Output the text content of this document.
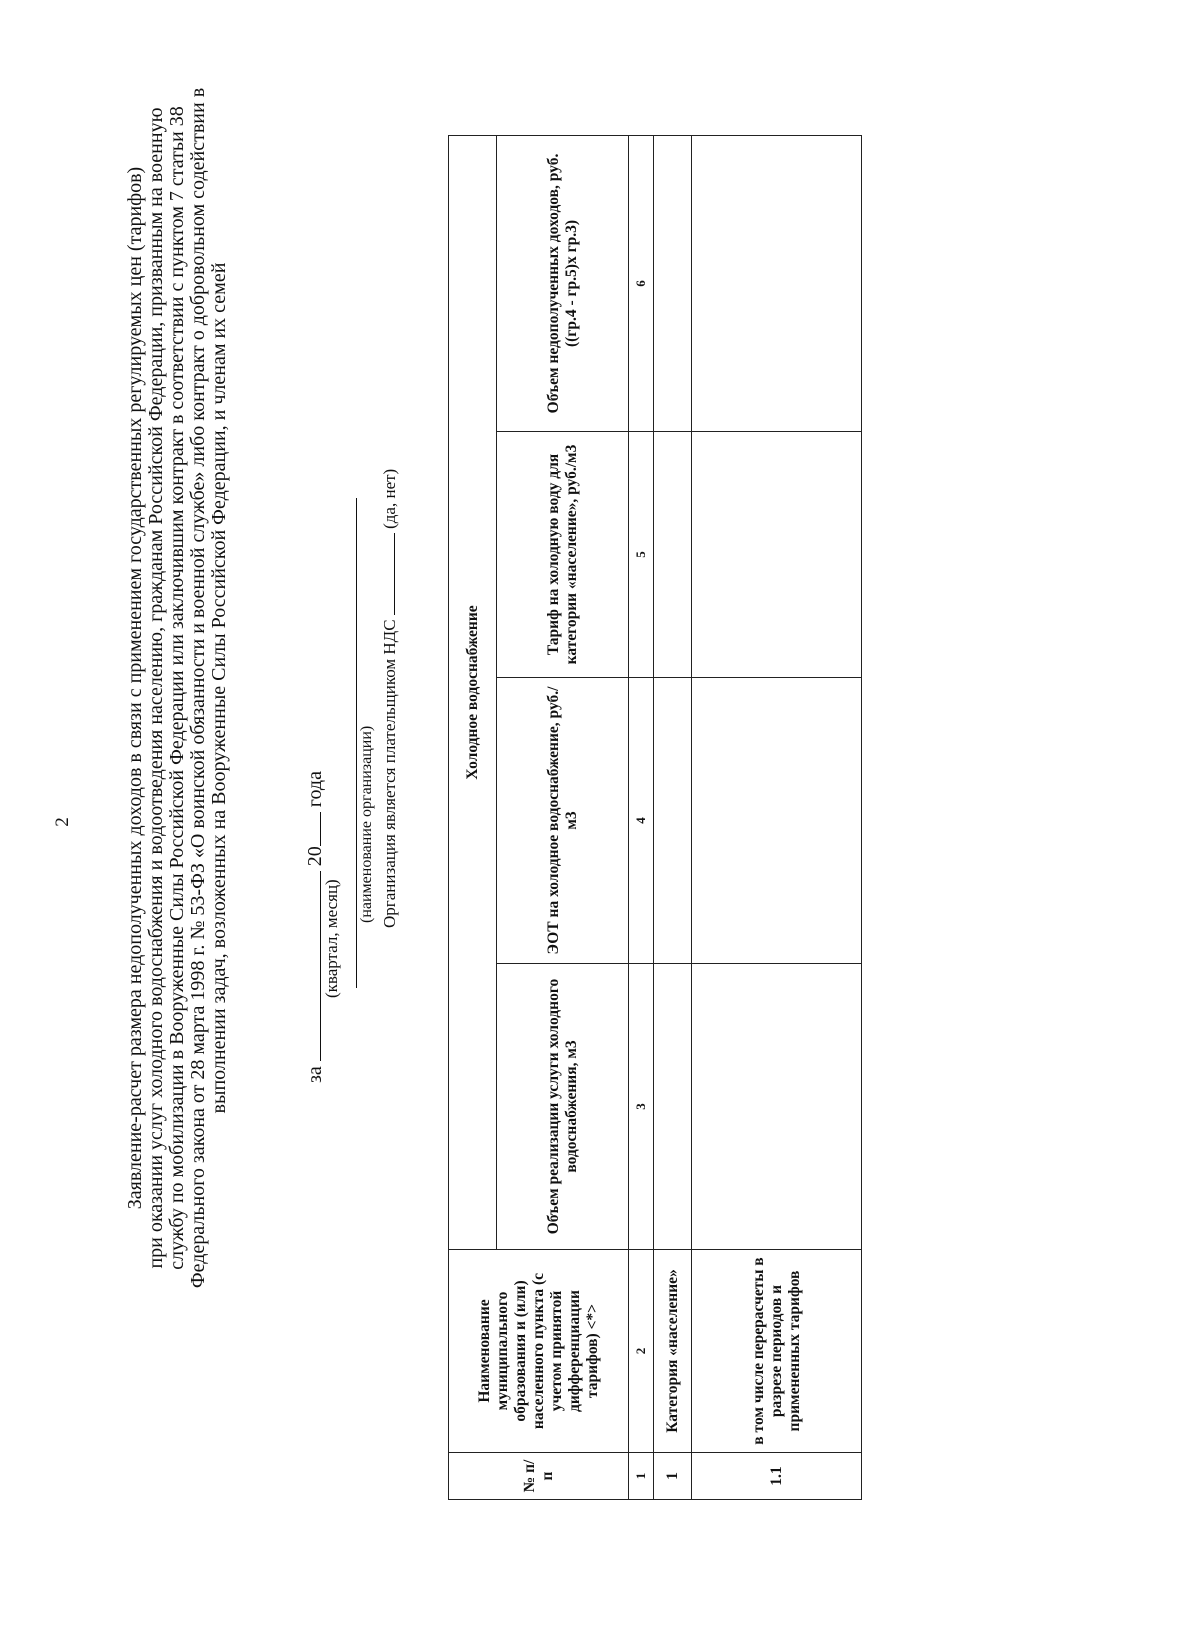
2	Заявление-расчет размера недополученных доходов в связи с применением государственных регулируемых цен (тарифов) при оказании услуг холодного водоснабжения и водоотведения населению, гражданам Российской Федерации, призванным на военную службу по мобилизации в Вооруженные Силы Российской Федерации или заключившим контракт в соответствии с пунктом 7 статьи 38 Федерального закона от 28 марта 1998 г. № 53-ФЗ «О воинской обязанности и военной службе» либо контракт о добровольном содействии в выполнении задач, возложенных на Вооруженные Силы Российской Федерации, и членам их семей	за  20 года
(квартал, месяц)
(наименование организации) Организация является плательщиком НДС  (да, нет)
№ п/п	Наименование муниципального образования и (или) населенного пункта (с учетом принятой дифференциации тарифов) <*>	Холодное водоснабжение			
		Объем реализации услуги холодного водоснабжения, м3	ЭОТ на холодное водоснабжение, руб./м3	Тариф на холодную воду для категории «население», руб./м3	Объем недополученных доходов, руб. ((гр.4 - гр.5)х гр.3)
1	2	3	4	5	6
1	Категория «население»				
1.1	в том числе перерасчеты в разрезе периодов и примененных тарифов				
